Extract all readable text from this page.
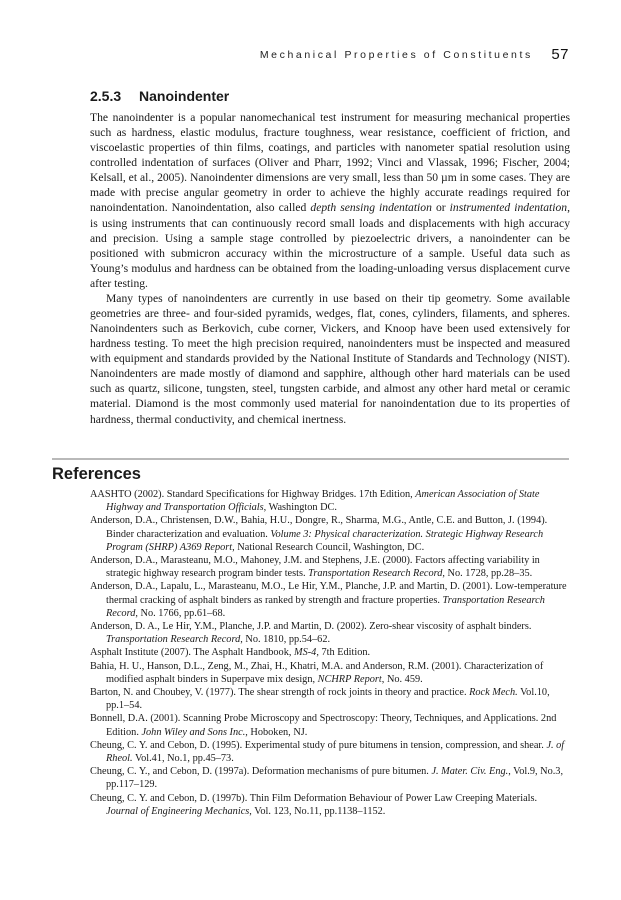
Mechanical Properties of Constituents 57
2.5.3 Nanoindenter

The nanoindenter is a popular nanomechanical test instrument for measuring mechanical properties such as hardness, elastic modulus, fracture toughness, wear resistance, coefficient of friction, and viscoelastic properties of thin films, coatings, and particles with nanometer spatial resolution using controlled indentation of surfaces (Oliver and Pharr, 1992; Vinci and Vlassak, 1996; Fischer, 2004; Kelsall, et al., 2005). Nanoindenter dimensions are very small, less than 50 µm in some cases. They are made with precise angular geometry in order to achieve the highly accurate readings required for nanoindentation. Nanoindentation, also called depth sensing indentation or instrumented indentation, is using instruments that can continuously record small loads and displacements with high accuracy and precision. Using a sample stage controlled by piezoelectric drivers, a nanoindenter can be positioned with submicron accuracy within the microstructure of a sample. Useful data such as Young’s modulus and hardness can be obtained from the loading-unloading versus displacement curve after testing.

Many types of nanoindenters are currently in use based on their tip geometry. Some available geometries are three- and four-sided pyramids, wedges, flat, cones, cylinders, filaments, and spheres. Nanoindenters such as Berkovich, cube corner, Vickers, and Knoop have been used extensively for hardness testing. To meet the high precision required, nanoindenters must be inspected and measured with equipment and standards provided by the National Institute of Standards and Technology (NIST). Nanoindenters are made mostly of diamond and sapphire, although other hard materials can be used such as quartz, silicone, tungsten, steel, tungsten carbide, and almost any other hard metal or ceramic material. Diamond is the most commonly used material for nanoindentation due to its properties of hardness, thermal conductivity, and chemical inertness.

References
AASHTO (2002). Standard Specifications for Highway Bridges. 17th Edition, American Association of State Highway and Transportation Officials, Washington DC.
Anderson, D.A., Christensen, D.W., Bahia, H.U., Dongre, R., Sharma, M.G., Antle, C.E. and Button, J. (1994). Binder characterization and evaluation. Volume 3: Physical characterization. Strategic Highway Research Program (SHRP) A369 Report, National Research Council, Washington, DC.
Anderson, D.A., Marasteanu, M.O., Mahoney, J.M. and Stephens, J.E. (2000). Factors affecting variability in strategic highway research program binder tests. Transportation Research Record, No. 1728, pp.28–35.
Anderson, D.A., Lapalu, L., Marasteanu, M.O., Le Hir, Y.M., Planche, J.P. and Martin, D. (2001). Low-temperature thermal cracking of asphalt binders as ranked by strength and fracture properties. Transportation Research Record, No. 1766, pp.61–68.
Anderson, D. A., Le Hir, Y.M., Planche, J.P. and Martin, D. (2002). Zero-shear viscosity of asphalt binders. Transportation Research Record, No. 1810, pp.54–62.
Asphalt Institute (2007). The Asphalt Handbook, MS-4, 7th Edition.
Bahia, H. U., Hanson, D.L., Zeng, M., Zhai, H., Khatri, M.A. and Anderson, R.M. (2001). Characterization of modified asphalt binders in Superpave mix design, NCHRP Report, No. 459.
Barton, N. and Choubey, V. (1977). The shear strength of rock joints in theory and practice. Rock Mech. Vol.10, pp.1–54.
Bonnell, D.A. (2001). Scanning Probe Microscopy and Spectroscopy: Theory, Techniques, and Applications. 2nd Edition. John Wiley and Sons Inc., Hoboken, NJ.
Cheung, C. Y. and Cebon, D. (1995). Experimental study of pure bitumens in tension, compression, and shear. J. of Rheol. Vol.41, No.1, pp.45–73.
Cheung, C. Y., and Cebon, D. (1997a). Deformation mechanisms of pure bitumen. J. Mater. Civ. Eng., Vol.9, No.3, pp.117–129.
Cheung, C. Y. and Cebon, D. (1997b). Thin Film Deformation Behaviour of Power Law Creeping Materials. Journal of Engineering Mechanics, Vol. 123, No.11, pp.1138–1152.
